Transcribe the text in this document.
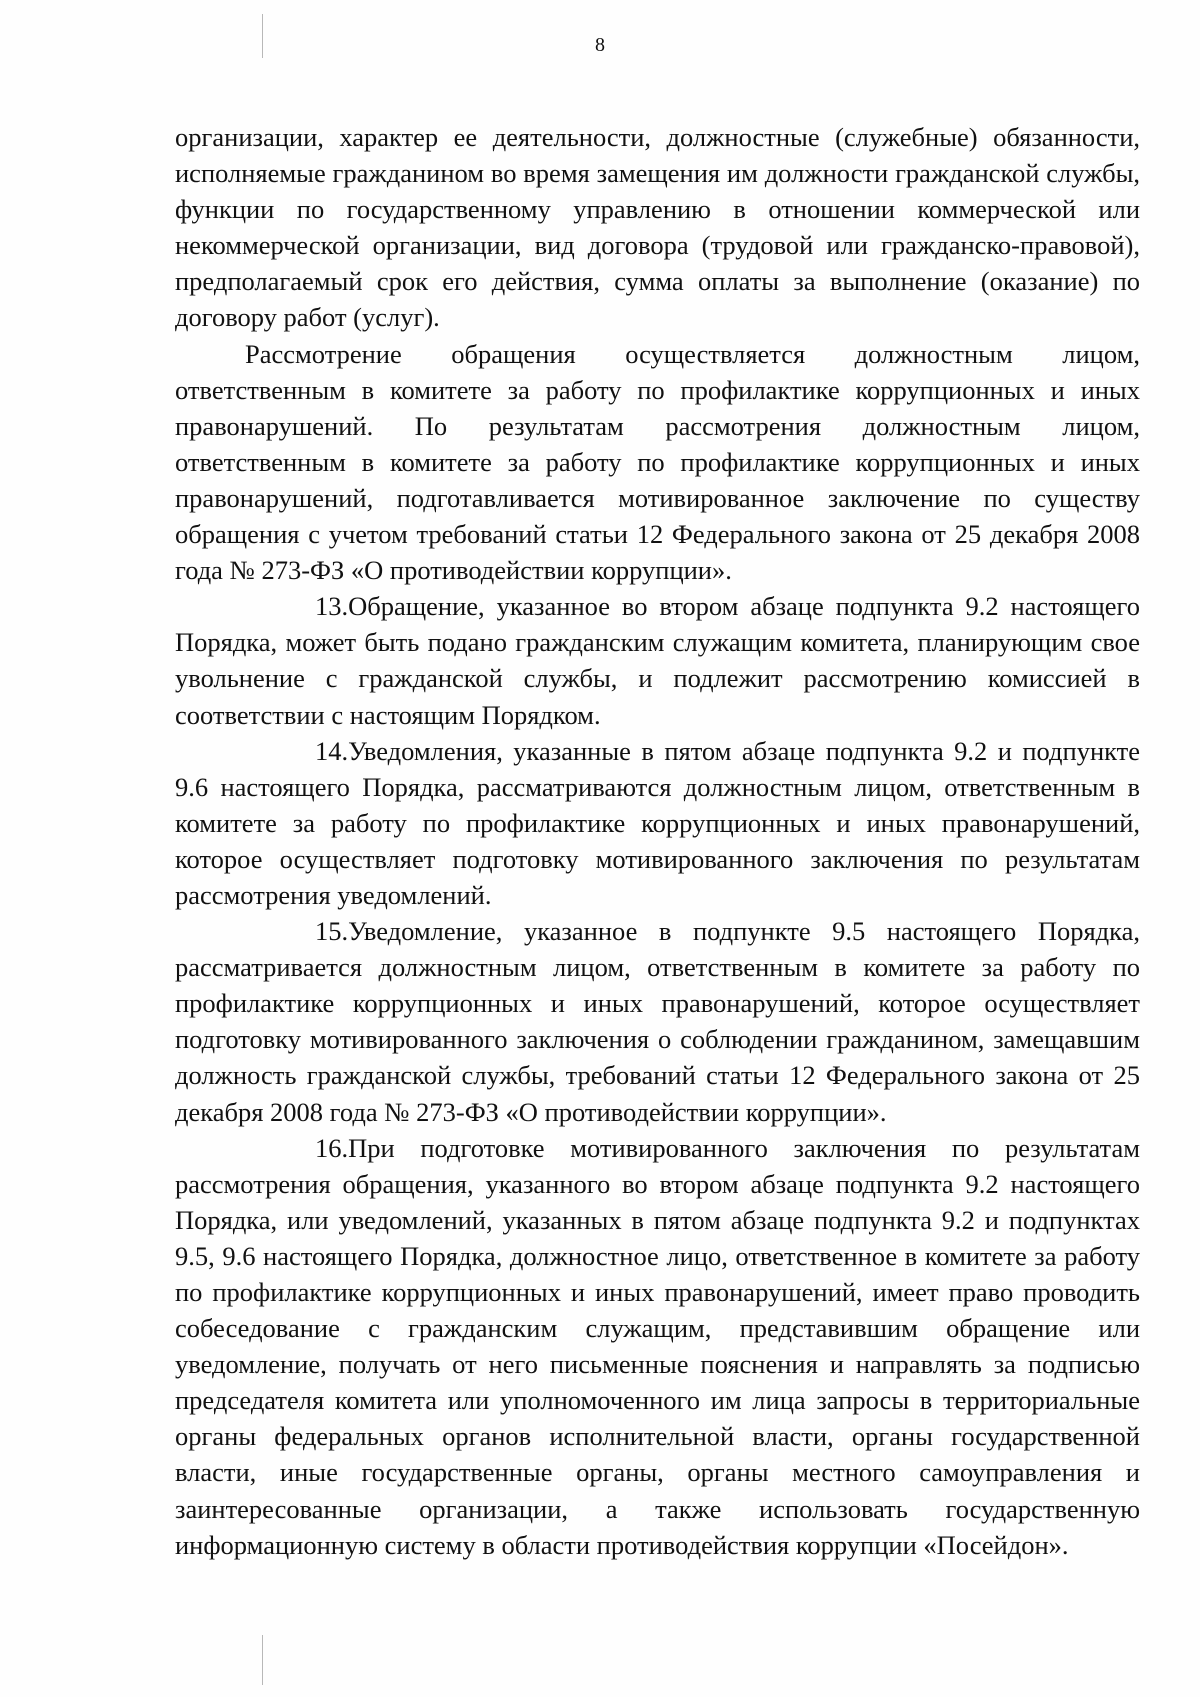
8

организации, характер ее деятельности, должностные (служебные) обязанности, исполняемые гражданином во время замещения им должности гражданской службы, функции по государственному управлению в отношении коммерческой или некоммерческой организации, вид договора (трудовой или гражданско-правовой), предполагаемый срок его действия, сумма оплаты за выполнение (оказание) по договору работ (услуг).

Рассмотрение обращения осуществляется должностным лицом, ответственным в комитете за работу по профилактике коррупционных и иных правонарушений. По результатам рассмотрения должностным лицом, ответственным в комитете за работу по профилактике коррупционных и иных правонарушений, подготавливается мотивированное заключение по существу обращения с учетом требований статьи 12 Федерального закона от 25 декабря 2008 года № 273-ФЗ «О противодействии коррупции».

13.Обращение, указанное во втором абзаце подпункта 9.2 настоящего Порядка, может быть подано гражданским служащим комитета, планирующим свое увольнение с гражданской службы, и подлежит рассмотрению комиссией в соответствии с настоящим Порядком.

14.Уведомления, указанные в пятом абзаце подпункта 9.2 и подпункте 9.6 настоящего Порядка, рассматриваются должностным лицом, ответственным в комитете за работу по профилактике коррупционных и иных правонарушений, которое осуществляет подготовку мотивированного заключения по результатам рассмотрения уведомлений.

15.Уведомление, указанное в подпункте 9.5 настоящего Порядка, рассматривается должностным лицом, ответственным в комитете за работу по профилактике коррупционных и иных правонарушений, которое осуществляет подготовку мотивированного заключения о соблюдении гражданином, замещавшим должность гражданской службы, требований статьи 12 Федерального закона от 25 декабря 2008 года № 273-ФЗ «О противодействии коррупции».

16.При подготовке мотивированного заключения по результатам рассмотрения обращения, указанного во втором абзаце подпункта 9.2 настоящего Порядка, или уведомлений, указанных в пятом абзаце подпункта 9.2 и подпунктах 9.5, 9.6 настоящего Порядка, должностное лицо, ответственное в комитете за работу по профилактике коррупционных и иных правонарушений, имеет право проводить собеседование с гражданским служащим, представившим обращение или уведомление, получать от него письменные пояснения и направлять за подписью председателя комитета или уполномоченного им лица запросы в территориальные органы федеральных органов исполнительной власти, органы государственной власти, иные государственные органы, органы местного самоуправления и заинтересованные организации, а также использовать государственную информационную систему в области противодействия коррупции «Посейдон».
